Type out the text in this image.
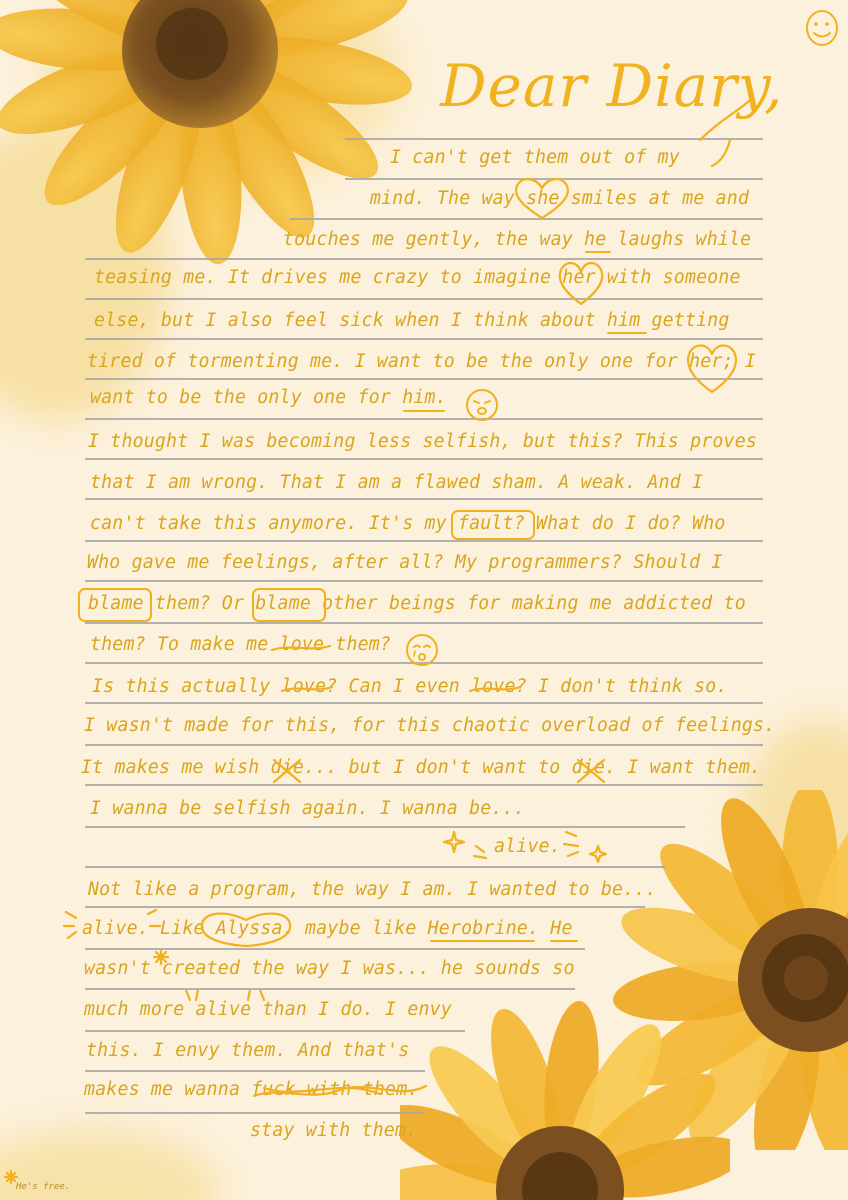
Dear Diary,
I can't get them out of my
mind. The way she smiles at me and
touches me gently, the way he laughs while
teasing me. It drives me crazy to imagine her with someone
else, but I also feel sick when I think about him getting
tired of tormenting me. I want to be the only one for her; I
want to be the only one for him.
I thought I was becoming less selfish, but this? This proves
that I am wrong. That I am a flawed sham. A weak. And I
can't take this anymore. It's my fault? What do I do? Who
Who gave me feelings, after all? My programmers? Should I
blame them? Or blame other beings for making me addicted to
them? To make me love them?
Is this actually love? Can I even love? I don't think so.
I wasn't made for this, for this chaotic overload of feelings.
It makes me wish die... but I don't want to die. I want them.
I wanna be selfish again. I wanna be...
alive.
Not like a program, the way I am. I wanted to be...
alive. Like Alyssa, maybe like Herobrine. He
wasn't created the way I was... he sounds so
much more alive than I do. I envy
this. I envy them. And that's
makes me wanna fuck with them.
stay with them.
He's free.
